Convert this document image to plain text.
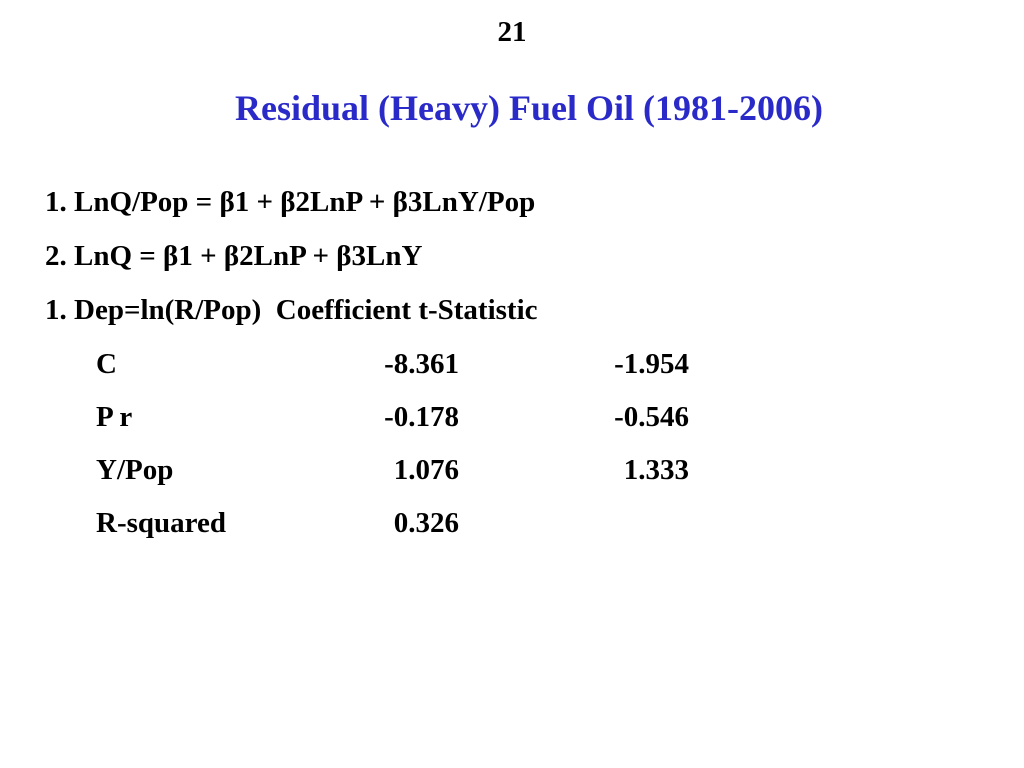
21
Residual (Heavy) Fuel Oil (1981-2006)
1. LnQ/Pop = β1 + β2LnP + β3LnY/Pop
2. LnQ = β1 + β2LnP + β3LnY
1. Dep=ln(R/Pop)  Coefficient t-Statistic
C	-8.361	-1.954
P r	-0.178	-0.546
Y/Pop	1.076	1.333
R-squared	0.326
